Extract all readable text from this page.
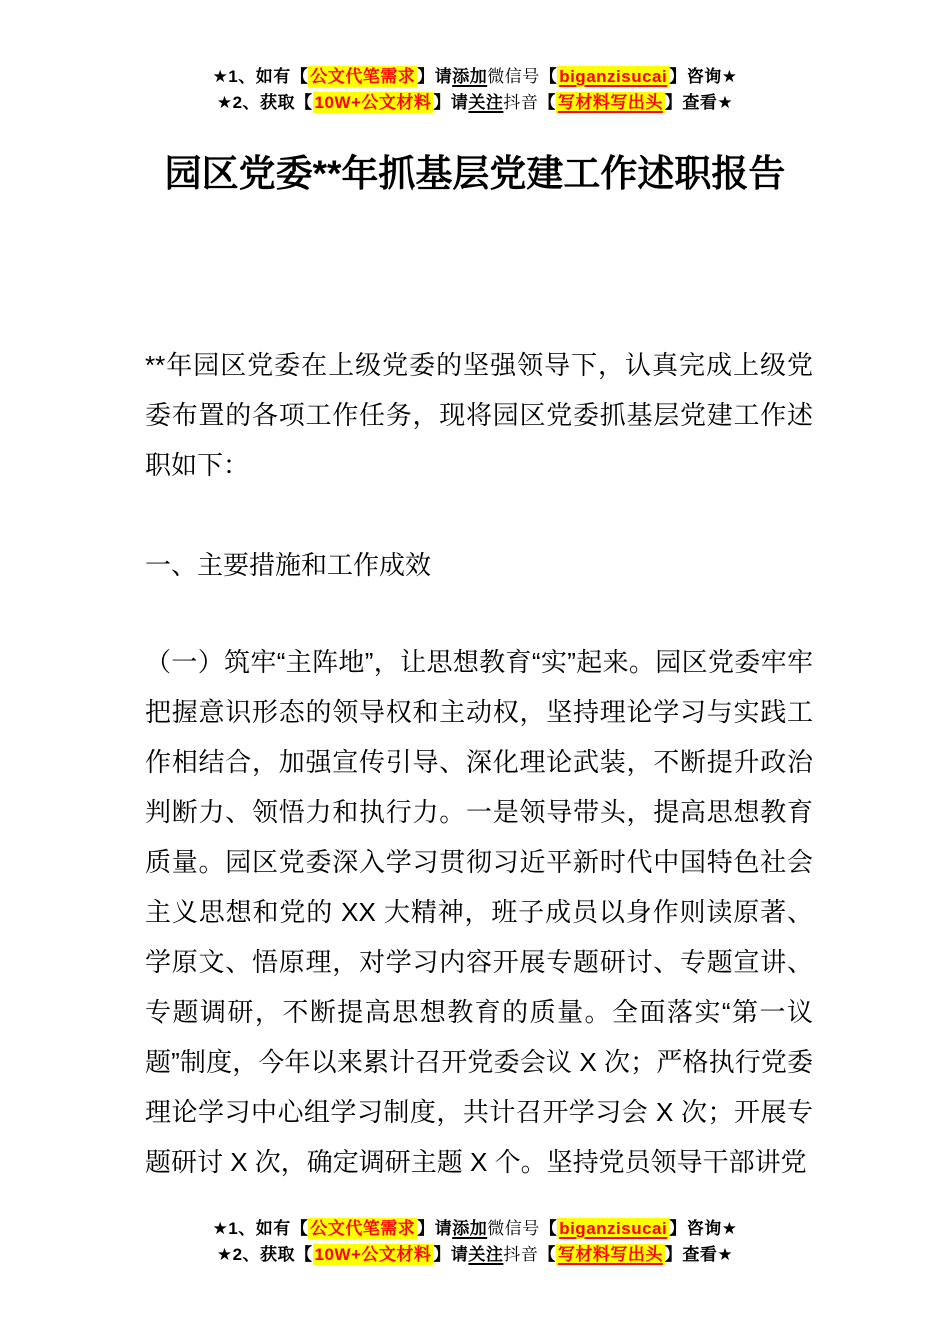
★1、如有【 公文代笔需求 】请添加微信号【 biganzisucai 】咨询★
★2、获取【 10W+公文材料 】请关注抖音【 写材料写出头 】查看★
园区党委**年抓基层党建工作述职报告

**年园区党委在上级党委的坚强领导下，认真完成上级党委布置的各项工作任务，现将园区党委抓基层党建工作述职如下：

一、主要措施和工作成效

（一）筑牢“主阵地”，让思想教育“实”起来。园区党委牢牢把握意识形态的领导权和主动权，坚持理论学习与实践工作相结合，加强宣传引导、深化理论武装，不断提升政治判断力、领悟力和执行力。一是领导带头，提高思想教育质量。园区党委深入学习贯彻习近平新时代中国特色社会主义思想和党的 XX 大精神，班子成员以身作则读原著、学原文、悟原理，对学习内容开展专题研讨、专题宣讲、专题调研，不断提高思想教育的质量。全面落实“第一议题”制度，今年以来累计召开党委会议 X 次；严格执行党委理论学习中心组学习制度，共计召开学习会 X 次；开展专题研讨 X 次，确定调研主题 X 个。坚持党员领导干部讲党

★1、如有【 公文代笔需求 】请添加微信号【 biganzisucai 】咨询★
★2、获取【 10W+公文材料 】请关注抖音【 写材料写出头 】查看★
